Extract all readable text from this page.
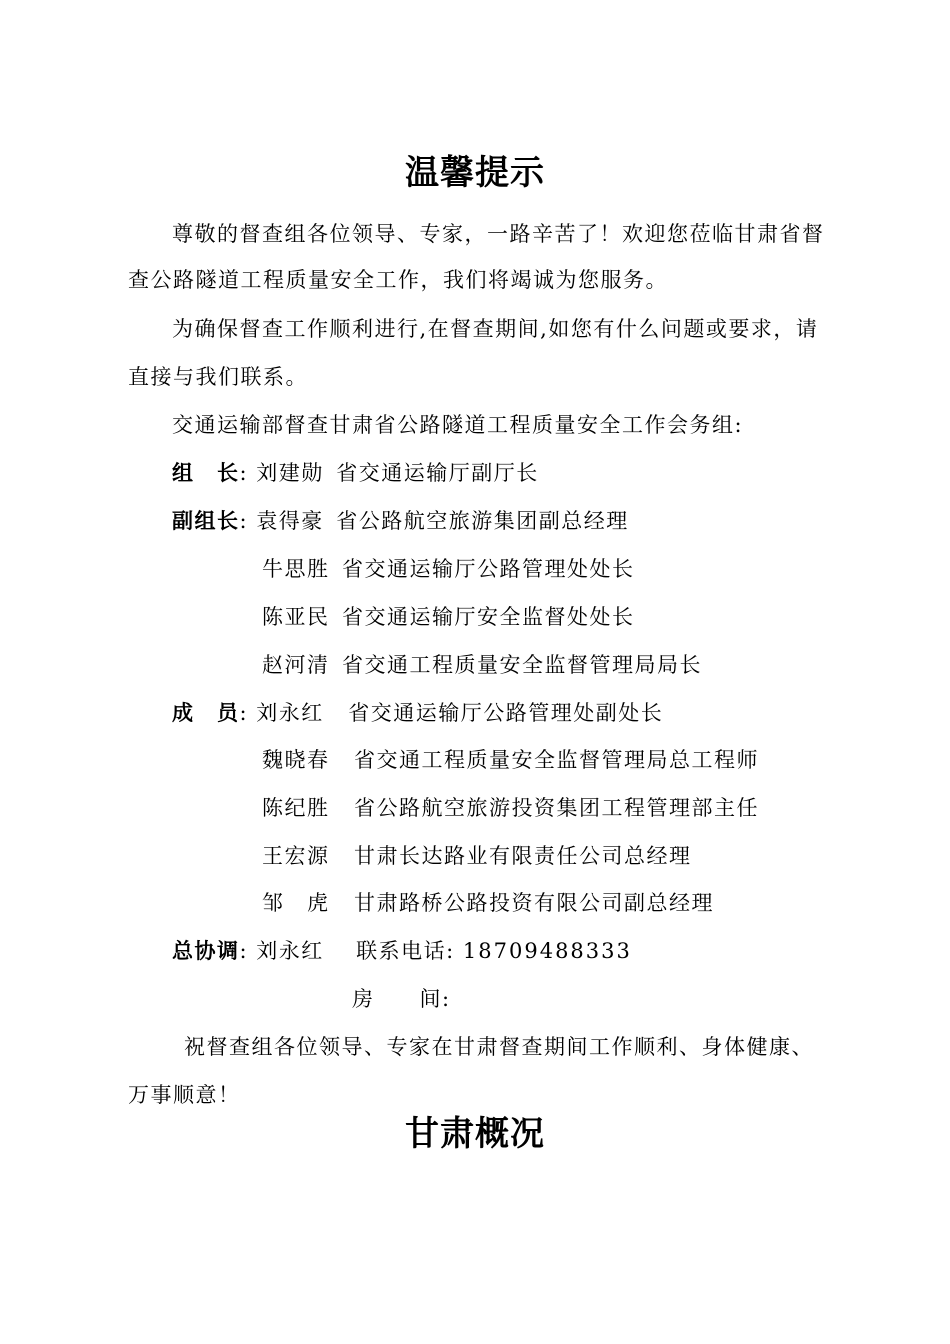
温馨提示
尊敬的督查组各位领导、专家，一路辛苦了！欢迎您莅临甘肃省督
查公路隧道工程质量安全工作，我们将竭诚为您服务。
为确保督查工作顺利进行,在督查期间,如您有什么问题或要求，请
直接与我们联系。
交通运输部督查甘肃省公路隧道工程质量安全工作会务组:
组　长: 刘建勋 省交通运输厅副厅长
副组长: 袁得豪 省公路航空旅游集团副总经理
牛思胜 省交通运输厅公路管理处处长
陈亚民 省交通运输厅安全监督处处长
赵河清 省交通工程质量安全监督管理局局长
成　员: 刘永红 省交通运输厅公路管理处副处长
魏晓春 省交通工程质量安全监督管理局总工程师
陈纪胜 省公路航空旅游投资集团工程管理部主任
王宏源 甘肃长达路业有限责任公司总经理
邹　虎 甘肃路桥公路投资有限公司副总经理
总协调: 刘永红 联系电话: 18709488333
房　　间:
祝督查组各位领导、专家在甘肃督查期间工作顺利、身体健康、
万事顺意！
甘肃概况
